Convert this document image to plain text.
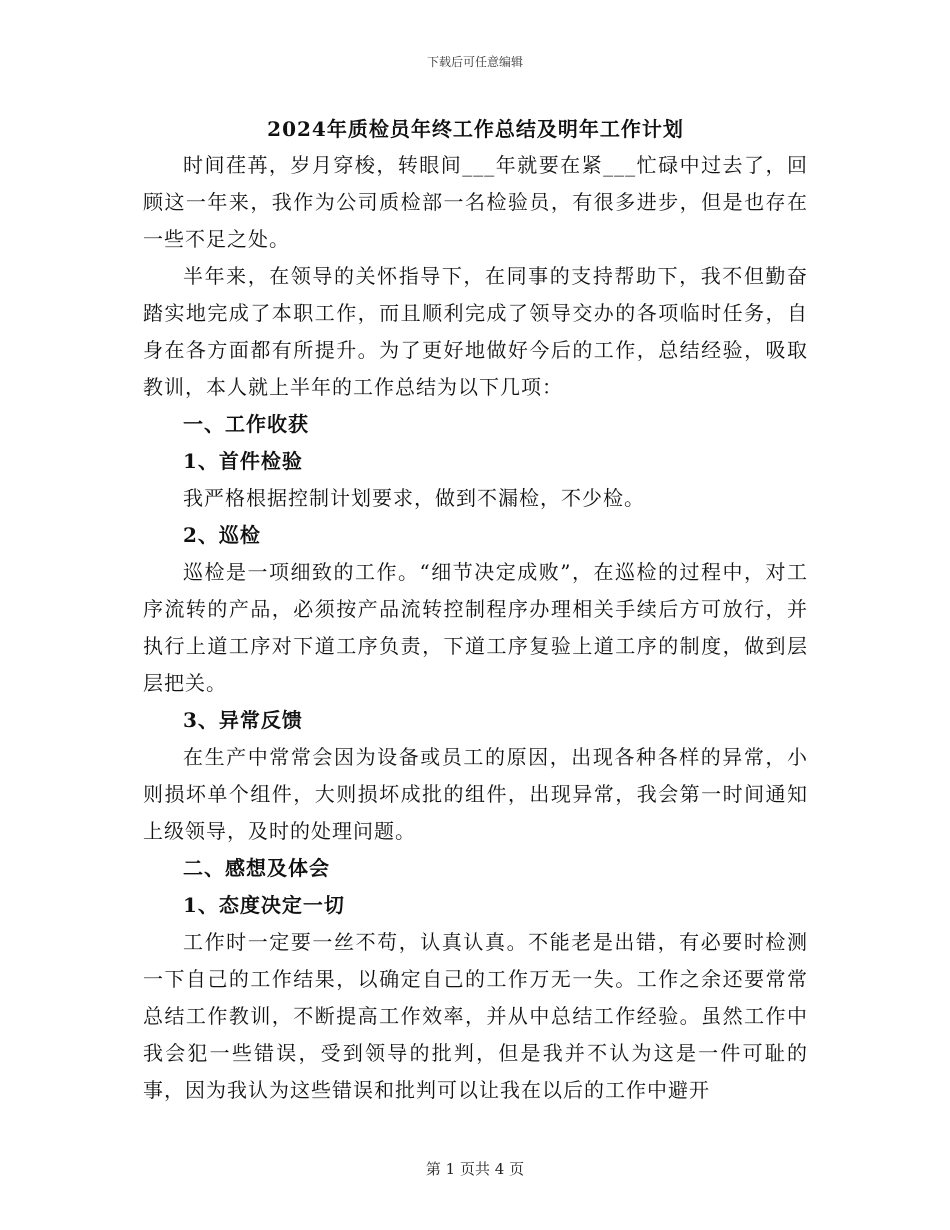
下载后可任意编辑
2024年质检员年终工作总结及明年工作计划

时间荏苒，岁月穿梭，转眼间___年就要在紧___忙碌中过去了，回顾这一年来，我作为公司质检部一名检验员，有很多进步，但是也存在一些不足之处。

半年来，在领导的关怀指导下，在同事的支持帮助下，我不但勤奋踏实地完成了本职工作，而且顺利完成了领导交办的各项临时任务，自身在各方面都有所提升。为了更好地做好今后的工作，总结经验，吸取教训，本人就上半年的工作总结为以下几项：

一、工作收获
1、首件检验

我严格根据控制计划要求，做到不漏检，不少检。

2、巡检

巡检是一项细致的工作。“细节决定成败”，在巡检的过程中，对工序流转的产品，必须按产品流转控制程序办理相关手续后方可放行，并执行上道工序对下道工序负责，下道工序复验上道工序的制度，做到层层把关。

3、异常反馈

在生产中常常会因为设备或员工的原因，出现各种各样的异常，小则损坏单个组件，大则损坏成批的组件，出现异常，我会第一时间通知上级领导，及时的处理问题。

二、感想及体会
1、态度决定一切

工作时一定要一丝不苟，认真认真。不能老是出错，有必要时检测一下自己的工作结果，以确定自己的工作万无一失。工作之余还要常常总结工作教训，不断提高工作效率，并从中总结工作经验。虽然工作中我会犯一些错误，受到领导的批判，但是我并不认为这是一件可耻的事，因为我认为这些错误和批判可以让我在以后的工作中避开

第 1 页共 4 页
